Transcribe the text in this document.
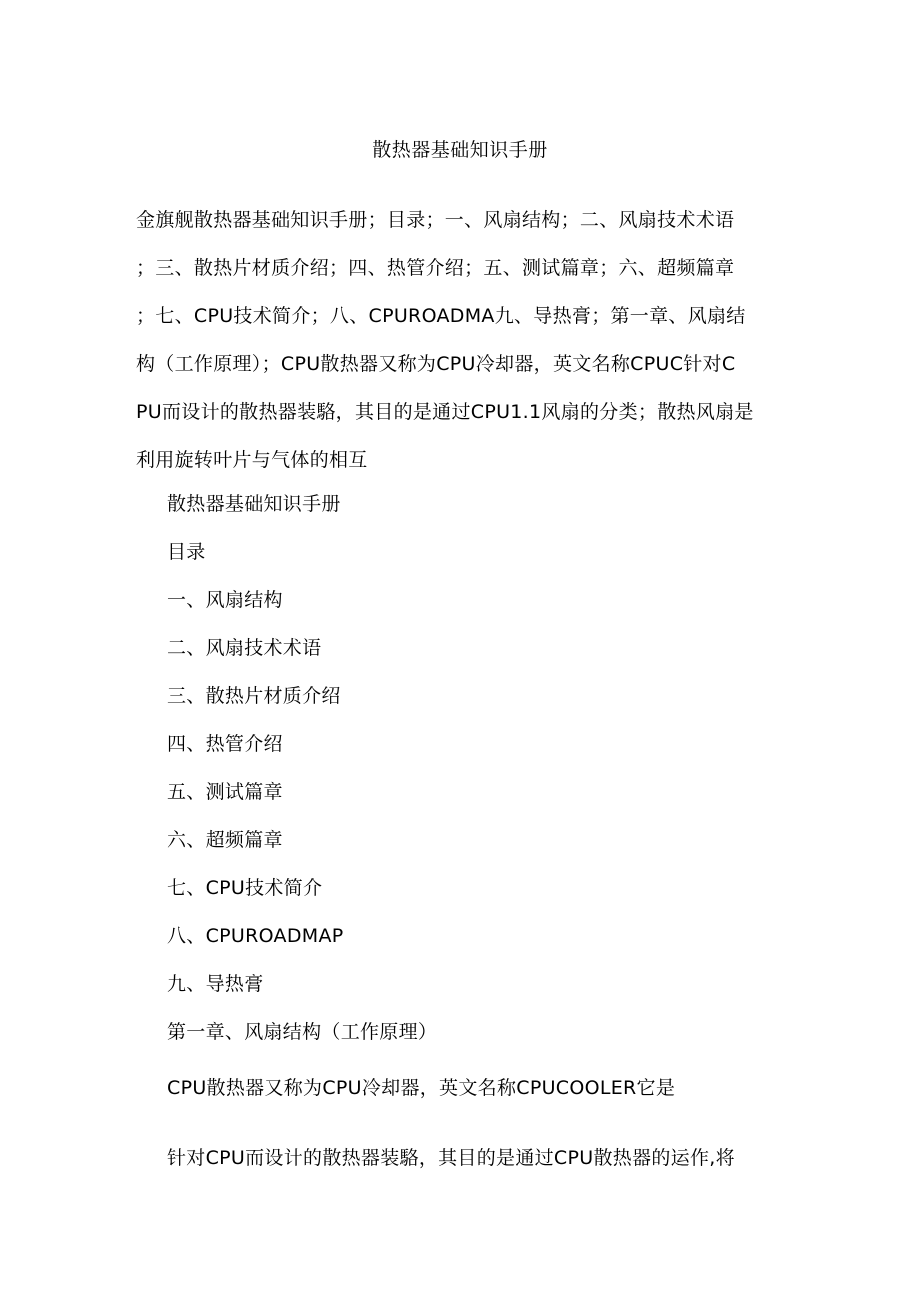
散热器基础知识手册
金旗舰散热器基础知识手册；目录；一、风扇结构；二、风扇技术术语
；三、散热片材质介绍；四、热管介绍；五、测试篇章；六、超频篇章
；七、CPU技术简介；八、CPUROADMA九、导热膏；第一章、风扇结
构（工作原理）；CPU散热器又称为CPU冷却器，英文名称CPUC针对C
PU而设计的散热器装駱，其目的是通过CPU1.1风扇的分类；散热风扇是
利用旋转叶片与气体的相互
散热器基础知识手册
目录
一、风扇结构
二、风扇技术术语
三、散热片材质介绍
四、热管介绍
五、测试篇章
六、超频篇章
七、CPU技术简介
八、CPUROADMAP
九、导热膏
第一章、风扇结构（工作原理）
CPU散热器又称为CPU冷却器，英文名称CPUCOOLER它是
针对CPU而设计的散热器装駱，其目的是通过CPU散热器的运作,将
